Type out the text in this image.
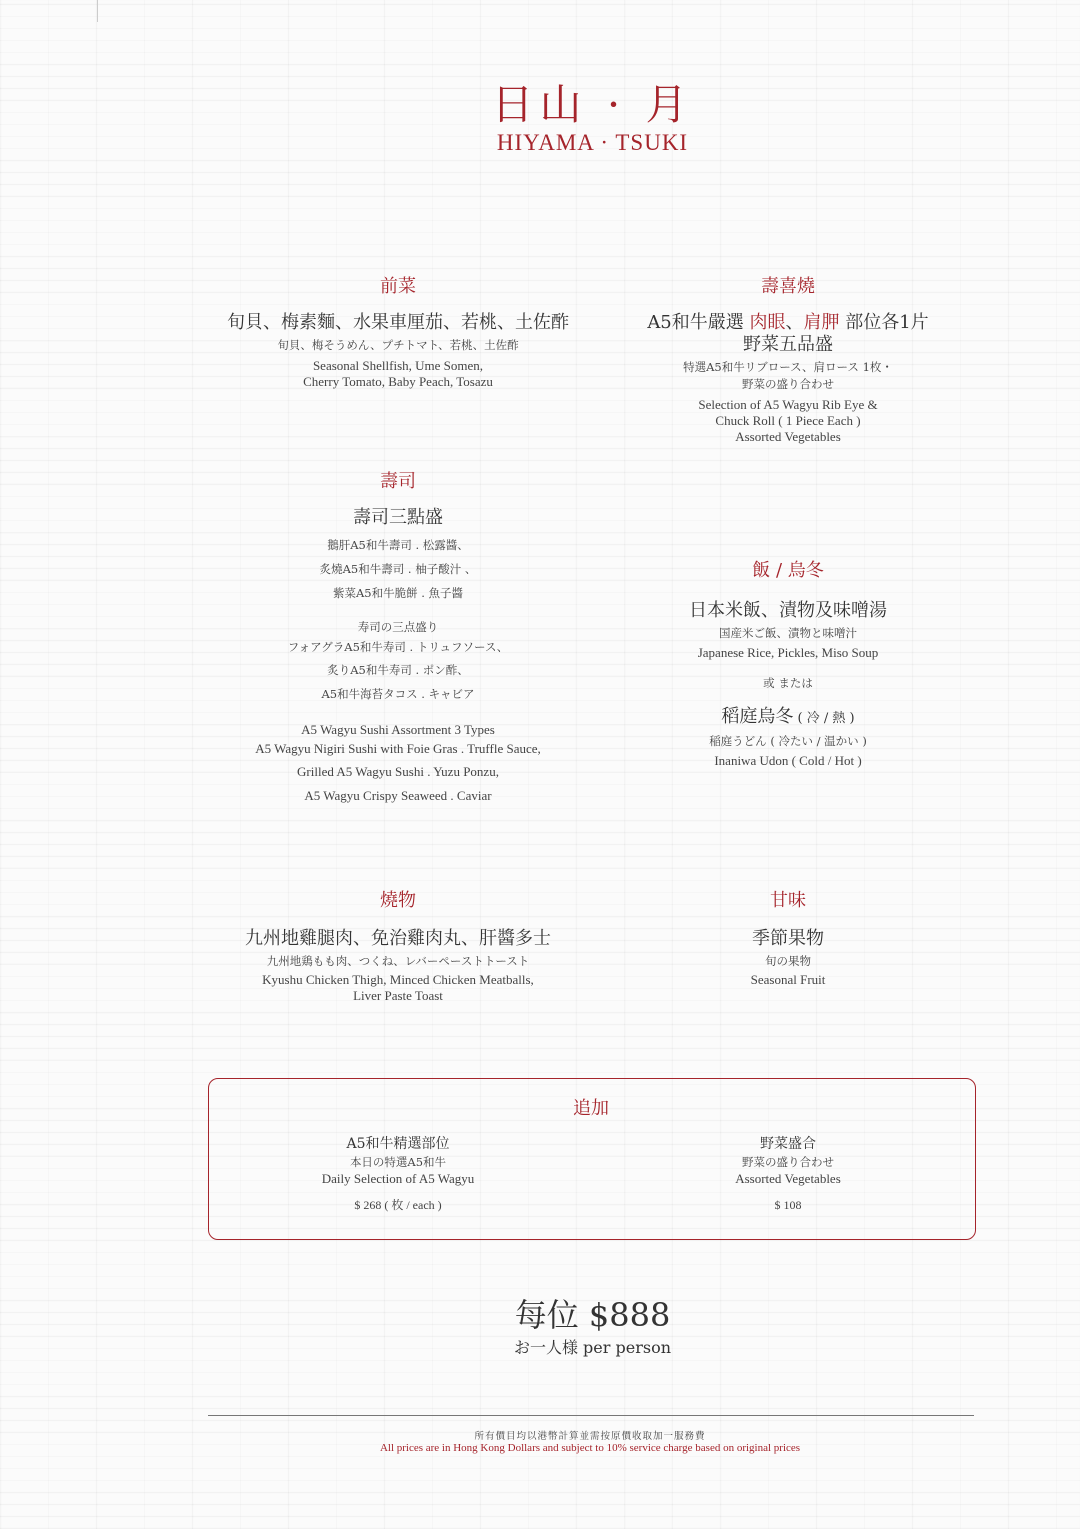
日山 · 月
HIYAMA · TSUKI
前菜
旬貝、梅素麵、水果車厘茄、若桃、土佐酢
旬貝、梅そうめん、プチトマト、若桃、土佐酢
Seasonal Shellfish, Ume Somen,
Cherry Tomato, Baby Peach, Tosazu
壽喜燒
A5和牛嚴選 肉眼、肩胛 部位各1片
野菜五品盛
特選A5和牛リブロース、肩ロース 1枚・
野菜の盛り合わせ
Selection of A5 Wagyu Rib Eye &
Chuck Roll ( 1 Piece Each )
Assorted Vegetables
壽司
壽司三點盛
鵝肝A5和牛壽司 . 松露醬、
炙燒A5和牛壽司 . 柚子酸汁 、
紫菜A5和牛脆餅 . 魚子醬
寿司の三点盛り
フォアグラA5和牛寿司 . トリュフソース、
炙りA5和牛寿司 . ポン酢、
A5和牛海苔タコス . キャビア
A5 Wagyu Sushi Assortment 3 Types
A5 Wagyu Nigiri Sushi with Foie Gras . Truffle Sauce,
Grilled A5 Wagyu Sushi . Yuzu Ponzu,
A5 Wagyu Crispy Seaweed . Caviar
飯 / 烏冬
日本米飯、漬物及味噌湯
国産米ご飯、漬物と味噌汁
Japanese Rice, Pickles, Miso Soup
或 または
稻庭烏冬 ( 冷 / 熱 )
稲庭うどん ( 冷たい / 温かい )
Inaniwa Udon ( Cold / Hot )
燒物
九州地雞腿肉、免治雞肉丸、肝醬多士
九州地鶏もも肉、つくね、レバーペーストトースト
Kyushu Chicken Thigh, Minced Chicken Meatballs,
Liver Paste Toast
甘味
季節果物
旬の果物
Seasonal Fruit
追加
A5和牛精選部位
本日の特選A5和牛
Daily Selection of A5 Wagyu
$ 268 ( 枚 / each )
野菜盛合
野菜の盛り合わせ
Assorted Vegetables
$ 108
每位 $888
お一人様 per person
所有價目均以港幣計算並需按原價收取加一服務費
All prices are in Hong Kong Dollars and subject to 10% service charge based on original prices
